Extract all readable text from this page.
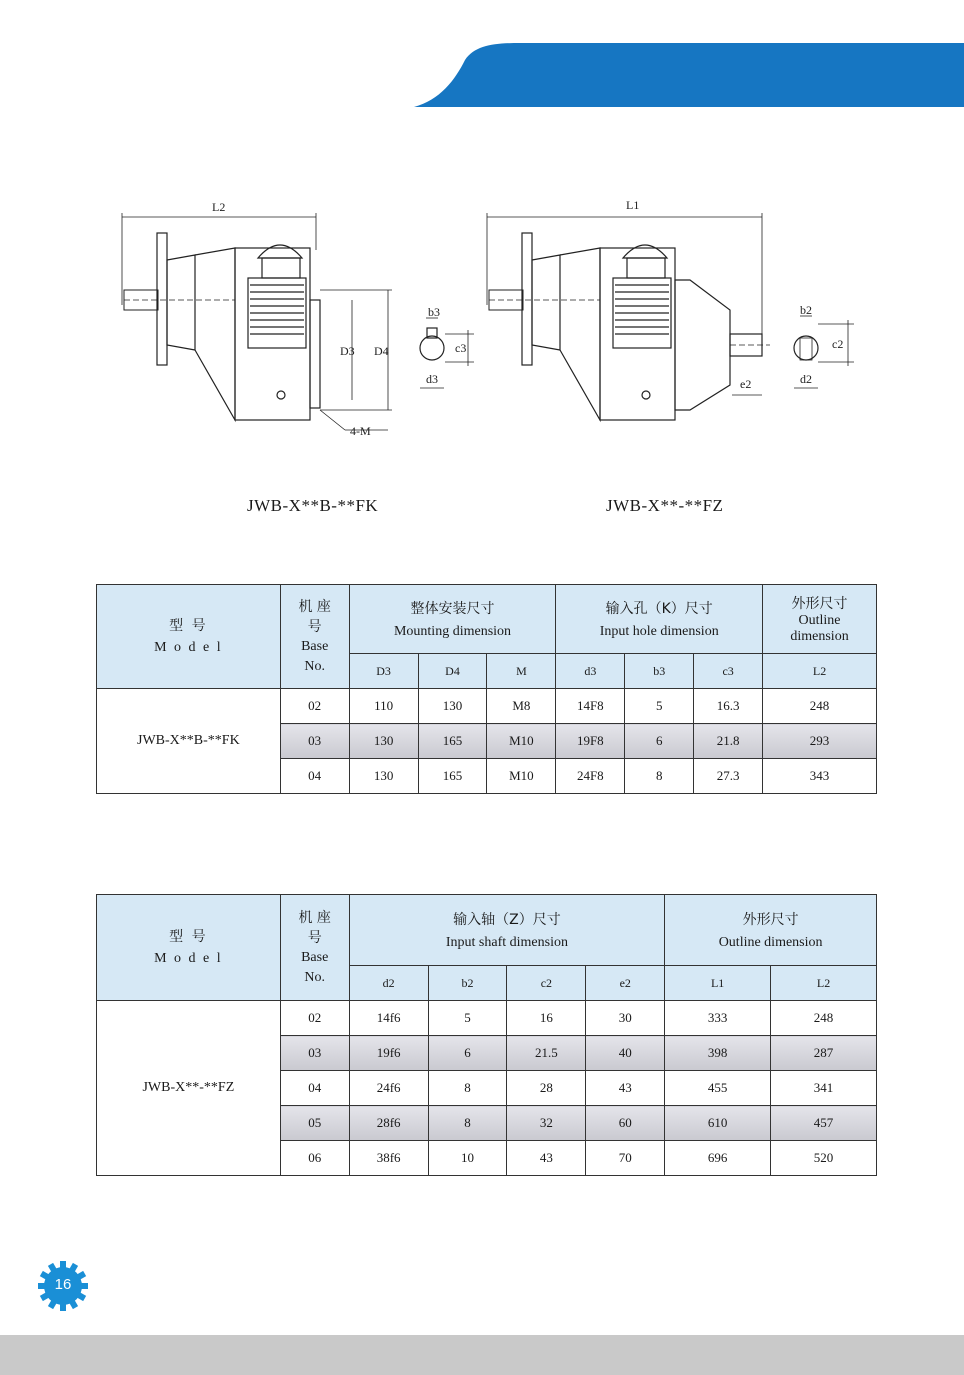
L2
D3 D4
4-M
b3
c3
d3
L1
e2
b2
c2
d2
JWB-X**B-**FK	JWB-X**-**FZ
型 号
M o d e l	机 座
号
Base
No.	整体安装尺寸
Mounting dimension			输入孔（K）尺寸
Input hole dimension			外形尺寸
Outline
dimension

		D3	D4	M	d3	b3	c3	L2
JWB-X**B-**FK	02	110	130	M8	14F8	5	16.3	248
	03	130	165	M10	19F8	6	21.8	293
	04	130	165	M10	24F8	8	27.3	343
型 号
M o d e l	机 座
号
Base
No.	输入轴（Z）尺寸
Input shaft dimension				外形尺寸
Outline dimension	

		d2	b2	c2	e2	L1	L2
JWB-X**-**FZ	02	14f6	5	16	30	333	248
	03	19f6	6	21.5	40	398	287
	04	24f6	8	28	43	455	341
	05	28f6	8	32	60	610	457
	06	38f6	10	43	70	696	520
16
